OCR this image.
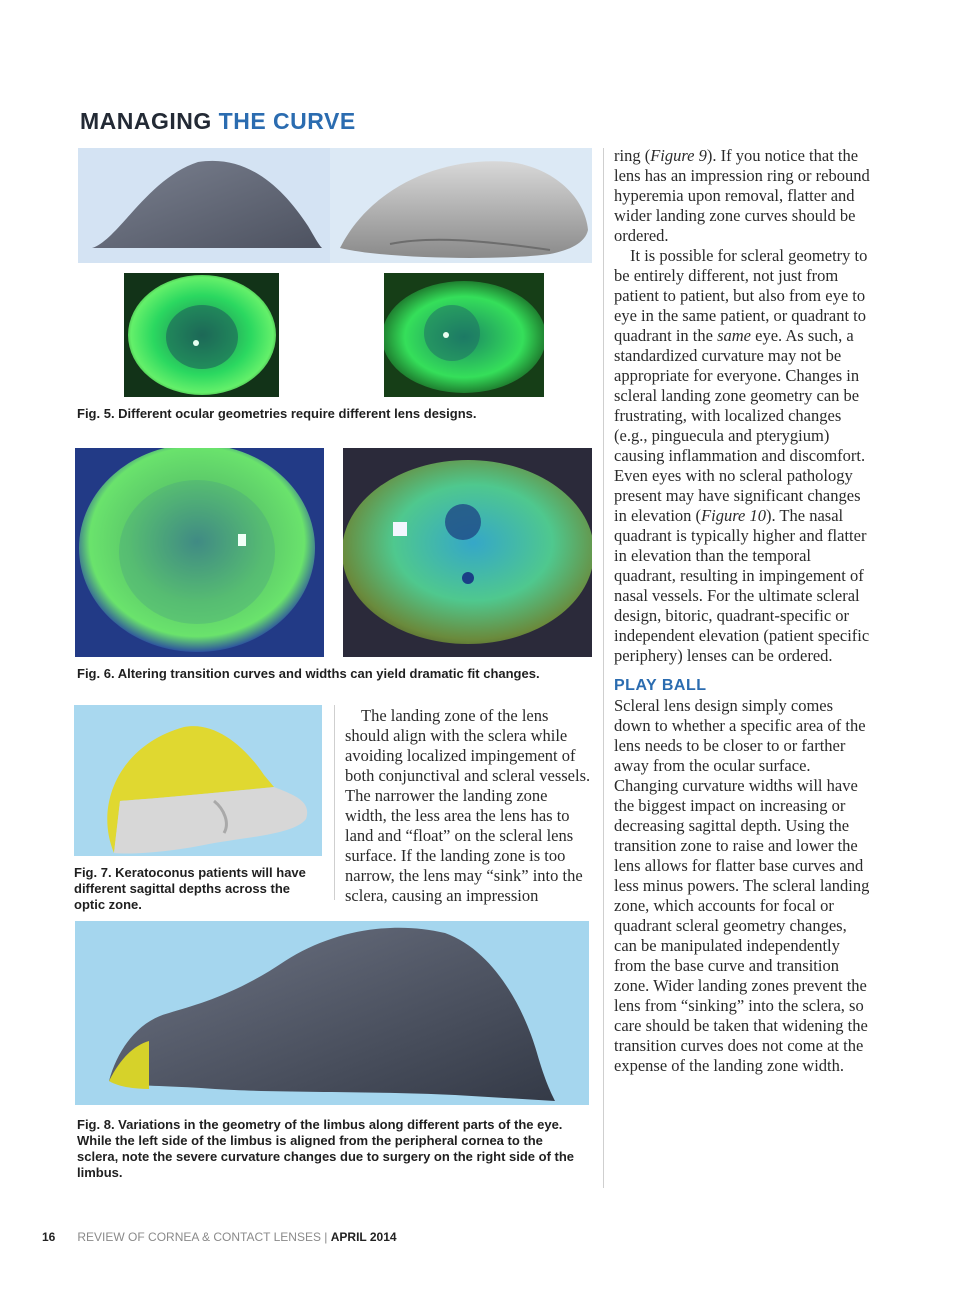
MANAGING THE CURVE
Fig. 5. Different ocular geometries require different lens designs.
Fig. 6. Altering transition curves and widths can yield dramatic fit changes.
Fig. 7. Keratoconus patients will have different sagittal depths across the optic zone.

The landing zone of the lens should align with the sclera while avoiding localized impingement of both conjunctival and scleral vessels. The narrower the landing zone width, the less area the lens has to land and “float” on the scleral lens surface. If the landing zone is too narrow, the lens may “sink” into the sclera, causing an impression

Fig. 8. Variations in the geometry of the limbus along different parts of the eye. While the left side of the limbus is aligned from the peripheral cornea to the sclera, note the severe curvature changes due to surgery on the right side of the limbus.

ring (Figure 9). If you notice that the lens has an impression ring or rebound hyperemia upon removal, flatter and wider landing zone curves should be ordered.

It is possible for scleral geometry to be entirely different, not just from patient to patient, but also from eye to eye in the same patient, or quadrant to quadrant in the same eye. As such, a standardized curvature may not be appropriate for everyone. Changes in scleral landing zone geometry can be frustrating, with localized changes (e.g., pinguecula and pterygium) causing inflammation and discomfort. Even eyes with no scleral pathology present may have significant changes in elevation (Figure 10). The nasal quadrant is typically higher and flatter in elevation than the temporal quadrant, resulting in impingement of nasal vessels. For the ultimate scleral design, bitoric, quadrant-specific or independent elevation (patient specific periphery) lenses can be ordered.

PLAY BALL

Scleral lens design simply comes down to whether a specific area of the lens needs to be closer to or farther away from the ocular surface. Changing curvature widths will have the biggest impact on increasing or decreasing sagittal depth. Using the transition zone to raise and lower the lens allows for flatter base curves and less minus powers. The scleral landing zone, which accounts for focal or quadrant scleral geometry changes, can be manipulated independently from the base curve and transition zone. Wider landing zones prevent the lens from “sinking” into the sclera, so care should be taken that widening the transition curves does not come at the expense of the landing zone width.

16 REVIEW OF CORNEA & CONTACT LENSES | APRIL 2014
